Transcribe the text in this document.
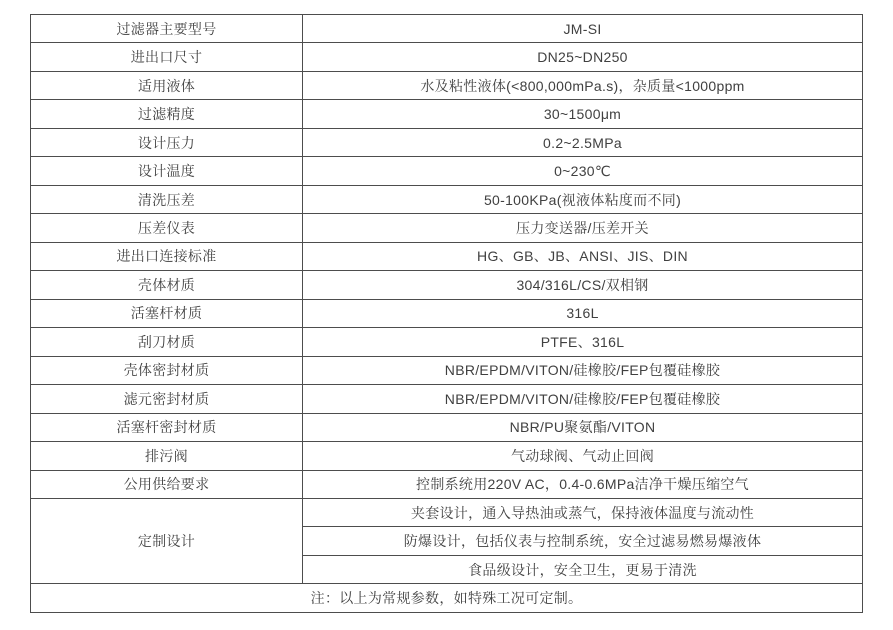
过滤器主要型号	JM-SI
进出口尺寸	DN25~DN250
适用液体	水及粘性液体(<800,000mPa.s)，杂质量<1000ppm
过滤精度	30~1500μm
设计压力	0.2~2.5MPa
设计温度	0~230℃
清洗压差	50-100KPa(视液体粘度而不同)
压差仪表	压力变送器/压差开关
进出口连接标准	HG、GB、JB、ANSI、JIS、DIN
壳体材质	304/316L/CS/双相钢
活塞杆材质	316L
刮刀材质	PTFE、316L
壳体密封材质	NBR/EPDM/VITON/硅橡胶/FEP包覆硅橡胶
滤元密封材质	NBR/EPDM/VITON/硅橡胶/FEP包覆硅橡胶
活塞杆密封材质	NBR/PU聚氨酯/VITON
排污阀	气动球阀、气动止回阀
公用供给要求	控制系统用220V AC，0.4-0.6MPa洁净干燥压缩空气
定制设计	夹套设计，通入导热油或蒸气，保持液体温度与流动性
	防爆设计，包括仪表与控制系统，安全过滤易燃易爆液体
	食品级设计，安全卫生，更易于清洗
注：以上为常规参数，如特殊工况可定制。	
